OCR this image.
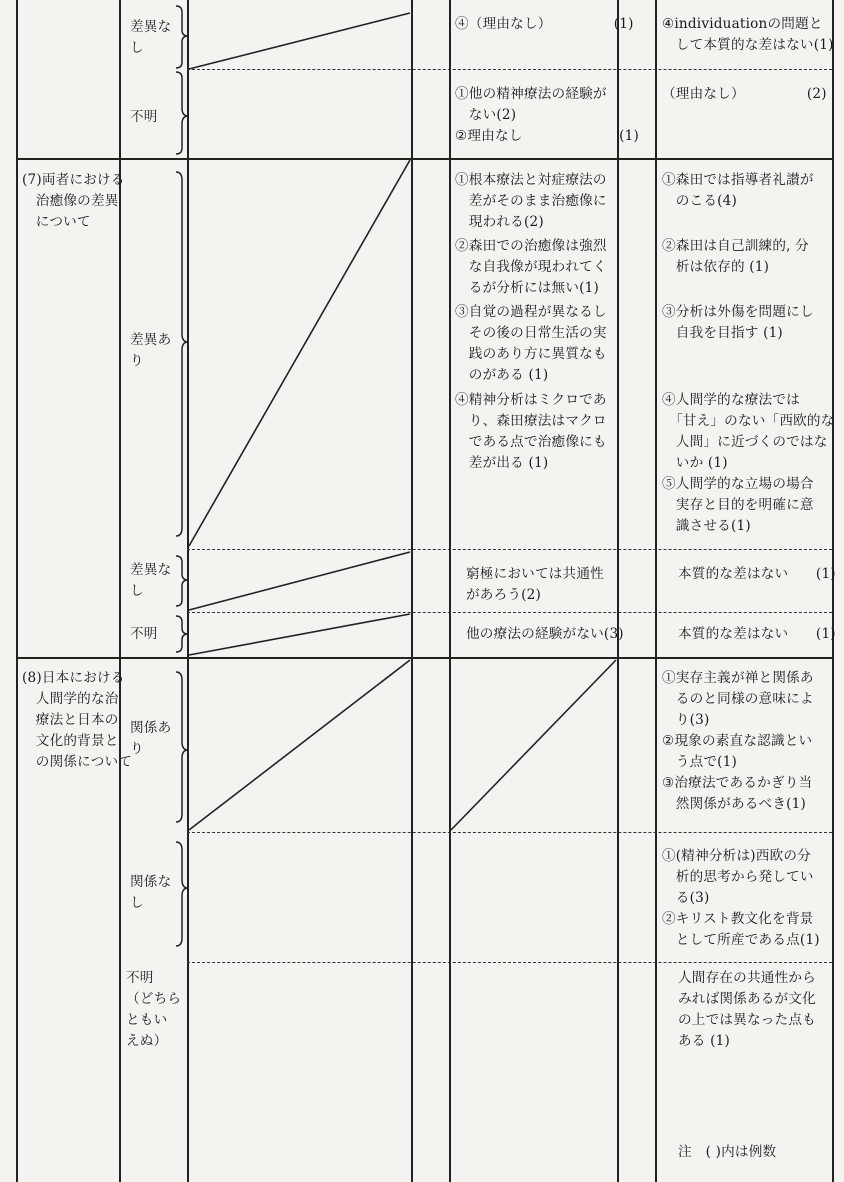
(7)両者における
　治癒像の差異
　について
(8)日本における
　人間学的な治
　療法と日本の
　文化的背景と
　の関係について
差異な
し
不明
差異あ
り
差異な
し
不明
関係あ
り
関係な
し
不明
（どちら
ともい
えぬ）
④（理由なし）　　　　　(1) ④individuationの問題と
　して本質的な差はない(1)
①他の精神療法の経験が
　ない(2)
②理由なし　　　　　　　(1)
（理由なし）　　　　　(2)
①根本療法と対症療法の
　差がそのまま治癒像に
　現われる(2)
②森田での治癒像は強烈
　な自我像が現われてく
　るが分析には無い(1)
③自覚の過程が異なるし
　その後の日常生活の実
　践のあり方に異質なも
　のがある (1)
④精神分析はミクロであ
　り、森田療法はマクロ
　である点で治癒像にも
　差が出る (1)
①森田では指導者礼讃が
　のこる(4)
②森田は自己訓練的, 分
　析は依存的 (1)
③分析は外傷を問題にし
　自我を目指す (1)
④人間学的な療法では
　「甘え」のない「西欧的な
　人間」に近づくのではな
　いか (1)
⑤人間学的な立場の場合
　実存と目的を明確に意
　識させる(1)
窮極においては共通性
があろう(2)
本質的な差はない　　(1)
他の療法の経験がない(3)	本質的な差はない　　(1)
①実存主義が禅と関係あ
　るのと同様の意味によ
　り(3)
②現象の素直な認識とい
　う点で(1)
③治療法であるかぎり当
　然関係があるべき(1)
①(精神分析は)西欧の分
　析的思考から発してい
　る(3)
②キリスト教文化を背景
　として所産である点(1)
人間存在の共通性から
みれば関係あるが文化
の上では異なった点も
ある (1)
注　( )内は例数
